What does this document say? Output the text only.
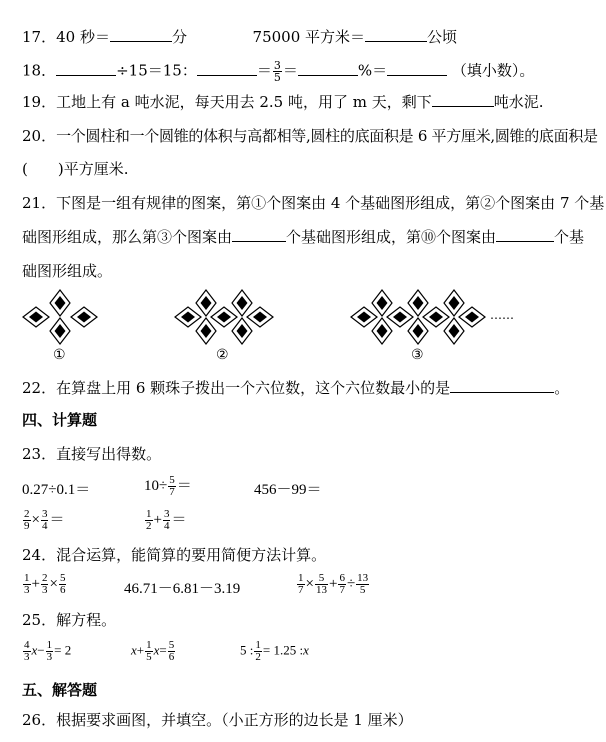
17．40 秒＝	分	75000 平方米＝	公顷
18．	÷15＝15：	＝ $\frac{3}{5}$ ＝	%＝	（填小数）。
19．工地上有 a 吨水泥，每天用去 2.5 吨，用了 m 天，剩下	吨水泥.
20．一个圆柱和一个圆锥的体积与高都相等,圆柱的底面积是 6 平方厘米,圆锥的底面积是
(　　)平方厘米.
21．下图是一组有规律的图案，第①个图案由 4 个基础图形组成，第②个图案由 7 个基
础图形组成，那么第③个图案由	个基础图形组成，第⑩个图案由	个基
础图形组成。
……
①	②	③
22．在算盘上用 6 颗珠子拨出一个六位数，这个六位数最小的是	。
四、计算题
23．直接写出得数。
0.27÷0.1＝	$10\div \frac{5}{7}$ ＝	456－99＝
$\frac{2}{9} \times \frac{3}{4}$ ＝	$\frac{1}{2} + \frac{3}{4}$ ＝
24．混合运算，能简算的要用简便方法计算。
$\frac{1}{3} + \frac{2}{3} \times \frac{5}{6}$	46.71－6.81－3.19	$\frac{1}{7} \times \frac{5}{13} + \frac{6}{7} \div \frac{13}{5}$
25．解方程。
$\frac{4}{3} x- \frac{1}{3} = 2$	$x+ \frac{1}{5} x= \frac{5}{6}$	5 : $\frac{1}{2} = 1.25$ :x
五、解答题
26．根据要求画图，并填空。（小正方形的边长是 1 厘米）
